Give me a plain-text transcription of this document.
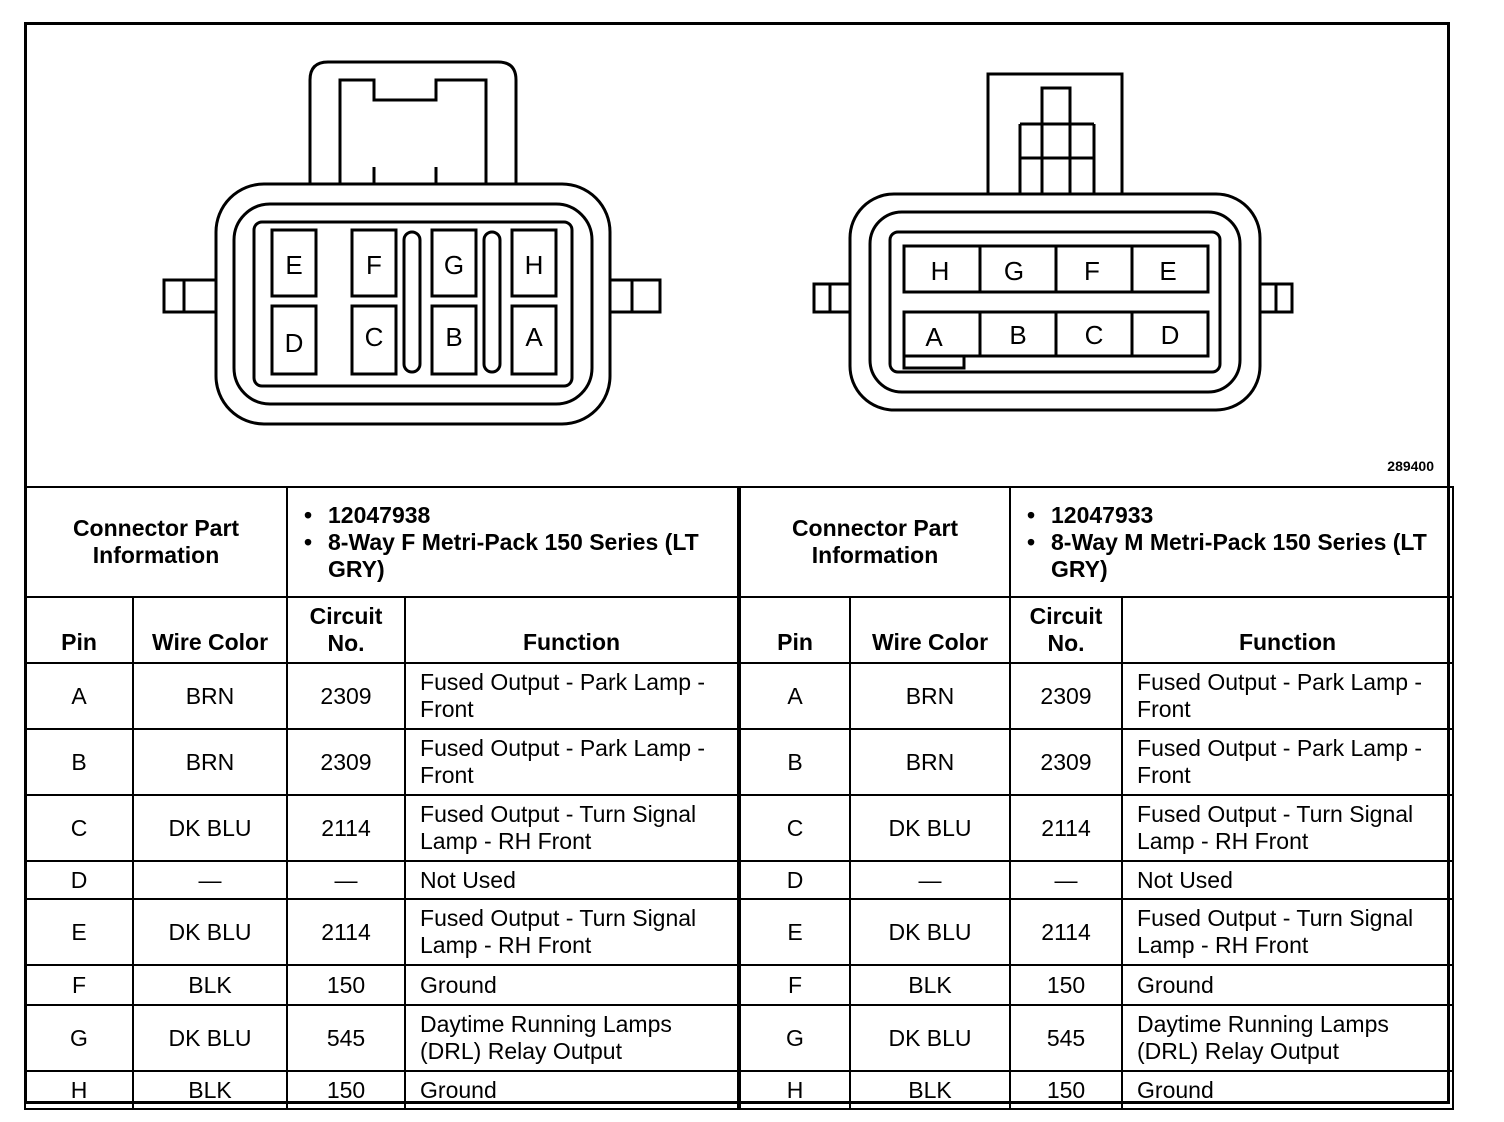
E F G H
D C B A
H G F E
A	B C D
289400
Connector Part Information		• 12047938
• 8-Way F Metri-Pack 150 Series (LT GRY)

Pin	Wire Color	Circuit No.	Function
A	BRN	2309	Fused Output - Park Lamp - Front
B	BRN	2309	Fused Output - Park Lamp - Front
C	DK BLU	2114	Fused Output - Turn Signal Lamp - RH Front
D	—	—	Not Used
E	DK BLU	2114	Fused Output - Turn Signal Lamp - RH Front
F	BLK	150	Ground
G	DK BLU	545	Daytime Running Lamps (DRL) Relay Output
H	BLK	150	Ground
Connector Part Information		• 12047933
• 8-Way M Metri-Pack 150 Series (LT GRY)

Pin	Wire Color	Circuit No.	Function
A	BRN	2309	Fused Output - Park Lamp - Front
B	BRN	2309	Fused Output - Park Lamp - Front
C	DK BLU	2114	Fused Output - Turn Signal Lamp - RH Front
D	—	—	Not Used
E	DK BLU	2114	Fused Output - Turn Signal Lamp - RH Front
F	BLK	150	Ground
G	DK BLU	545	Daytime Running Lamps (DRL) Relay Output
H	BLK	150	Ground
